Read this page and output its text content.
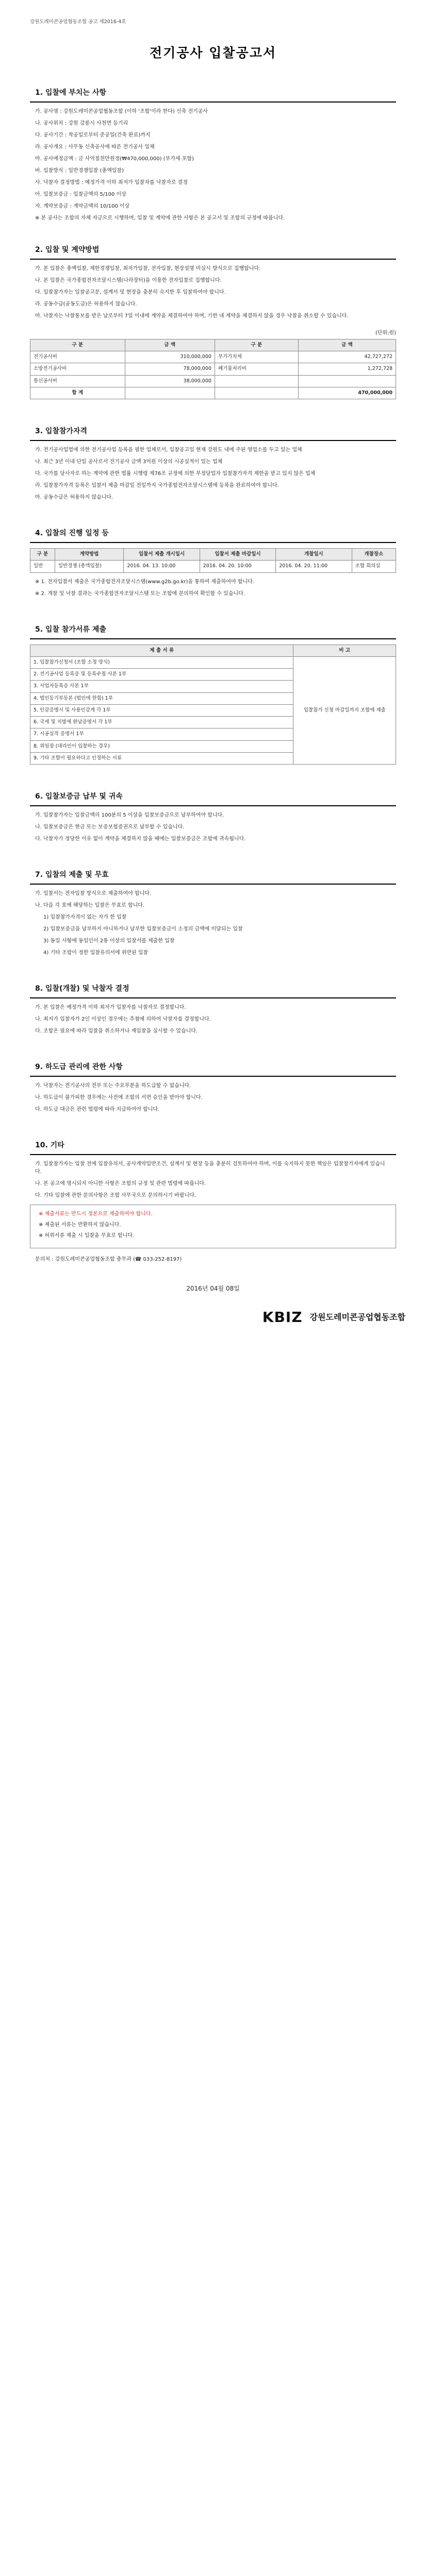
강원도레미콘공업협동조합 공고 제2016-4호
전기공사 입찰공고서
1. 입찰에 부치는 사항

가. 공사명 : 강원도레미콘공업협동조합 (이하 '조합'이라 한다) 신축 전기공사

나. 공사위치 : 강원 강릉시 사천면 등기리

다. 공사기간 : 착공일로부터 준공일(건축 완료)까지

라. 공사개요 : 사무동 신축공사에 따른 전기공사 일체

마. 공사예정금액 : 금 사억칠천만원정(₩470,000,000) (부가세 포함)

바. 입찰방식 : 일반경쟁입찰 (총액입찰)

사. 낙찰자 결정방법 : 예정가격 이하 최저가 입찰자를 낙찰자로 결정

아. 입찰보증금 : 입찰금액의 5/100 이상

자. 계약보증금 : 계약금액의 10/100 이상

※ 본 공사는 조합의 자체 자금으로 시행하며, 입찰 및 계약에 관한 사항은 본 공고서 및 조합의 규정에 따릅니다.

2. 입찰 및 계약방법

가. 본 입찰은 총액입찰, 제한경쟁입찰, 최저가입찰, 전자입찰, 현장설명 미실시 방식으로 집행합니다.

나. 본 입찰은 국가종합전자조달시스템(나라장터)을 이용한 전자입찰로 집행합니다.

다. 입찰참가자는 입찰공고문, 설계서 및 현장을 충분히 숙지한 후 입찰하여야 합니다.

라. 공동수급(공동도급)은 허용하지 않습니다.

마. 낙찰자는 낙찰통보를 받은 날로부터 7일 이내에 계약을 체결하여야 하며, 기한 내 계약을 체결하지 않을 경우 낙찰을 취소할 수 있습니다.

(단위:원)
구 분	금 액	구 분	금 액
전기공사비	310,000,000	부가가치세	42,727,272
소방전기공사비	78,000,000	폐기물처리비	1,272,728
통신공사비	38,000,000		
합 계			470,000,000
3. 입찰참가자격

가. 전기공사업법에 의한 전기공사업 등록을 필한 업체로서, 입찰공고일 현재 강원도 내에 주된 영업소를 두고 있는 업체

나. 최근 3년 이내 단일 공사로서 전기공사 금액 3억원 이상의 시공실적이 있는 업체

다. 국가를 당사자로 하는 계약에 관한 법률 시행령 제76조 규정에 의한 부정당업자 입찰참가자격 제한을 받고 있지 않은 업체

라. 입찰참가자격 등록은 입찰서 제출 마감일 전일까지 국가종합전자조달시스템에 등록을 완료하여야 합니다.

마. 공동수급은 허용하지 않습니다.

4. 입찰의 진행 일정 등
구 분	계약방법	입찰서 제출 개시일시	입찰서 제출 마감일시	개찰일시	개찰장소
일반	일반경쟁 (총액입찰)	2016. 04. 13. 10:00	2016. 04. 20. 10:00	2016. 04. 20. 11:00	조합 회의실

※ 1. 전자입찰서 제출은 국가종합전자조달시스템(www.g2b.go.kr)을 통하여 제출하여야 합니다.

※ 2. 개찰 및 낙찰 결과는 국가종합전자조달시스템 또는 조합에 문의하여 확인할 수 있습니다.

5. 입찰 참가서류 제출
제 출 서 류	비 고
1. 입찰참가신청서 (조합 소정 양식)	입찰참가 신청 마감일까지 조합에 제출
2. 전기공사업 등록증 및 등록수첩 사본 1부	
3. 사업자등록증 사본 1부	
4. 법인등기부등본 (법인에 한함) 1부	
5. 인감증명서 및 사용인감계 각 1부	
6. 국세 및 지방세 완납증명서 각 1부	
7. 시공실적 증명서 1부	
8. 위임장 (대리인이 입찰하는 경우)	
9. 기타 조합이 필요하다고 인정하는 서류	
6. 입찰보증금 납부 및 귀속

가. 입찰참가자는 입찰금액의 100분의 5 이상을 입찰보증금으로 납부하여야 합니다.

나. 입찰보증금은 현금 또는 보증보험증권으로 납부할 수 있습니다.

다. 낙찰자가 정당한 이유 없이 계약을 체결하지 않을 때에는 입찰보증금은 조합에 귀속됩니다.

7. 입찰의 제출 및 무효

가. 입찰서는 전자입찰 방식으로 제출하여야 합니다.

나. 다음 각 호에 해당하는 입찰은 무효로 합니다.

1) 입찰참가자격이 없는 자가 한 입찰

2) 입찰보증금을 납부하지 아니하거나 납부한 입찰보증금이 소정의 금액에 미달되는 입찰

3) 동일 사항에 동일인이 2통 이상의 입찰서를 제출한 입찰

4) 기타 조합이 정한 입찰유의서에 위반된 입찰

8. 입찰(개찰) 및 낙찰자 결정

가. 본 입찰은 예정가격 이하 최저가 입찰자를 낙찰자로 결정합니다.

나. 최저가 입찰자가 2인 이상인 경우에는 추첨에 의하여 낙찰자를 결정합니다.

다. 조합은 필요에 따라 입찰을 취소하거나 재입찰을 실시할 수 있습니다.

9. 하도급 관리에 관한 사항

가. 낙찰자는 전기공사의 전부 또는 주요부분을 하도급할 수 없습니다.

나. 하도급이 불가피한 경우에는 사전에 조합의 서면 승인을 받아야 합니다.

다. 하도급 대금은 관련 법령에 따라 지급하여야 합니다.

10. 기타

가. 입찰참가자는 입찰 전에 입찰유의서, 공사계약일반조건, 설계서 및 현장 등을 충분히 검토하여야 하며, 이를 숙지하지 못한 책임은 입찰참가자에게 있습니다.

나. 본 공고에 명시되지 아니한 사항은 조합의 규정 및 관련 법령에 따릅니다.

다. 기타 입찰에 관한 문의사항은 조합 사무국으로 문의하시기 바랍니다.

※ 제출서류는 반드시 정본으로 제출하여야 합니다.

※ 제출된 서류는 반환하지 않습니다.

※ 허위서류 제출 시 입찰을 무효로 합니다.

문의처 : 강원도레미콘공업협동조합 총무과 (☎ 033-252-8197)

2016년 04월 08일
KBIZ 강원도레미콘공업협동조합
